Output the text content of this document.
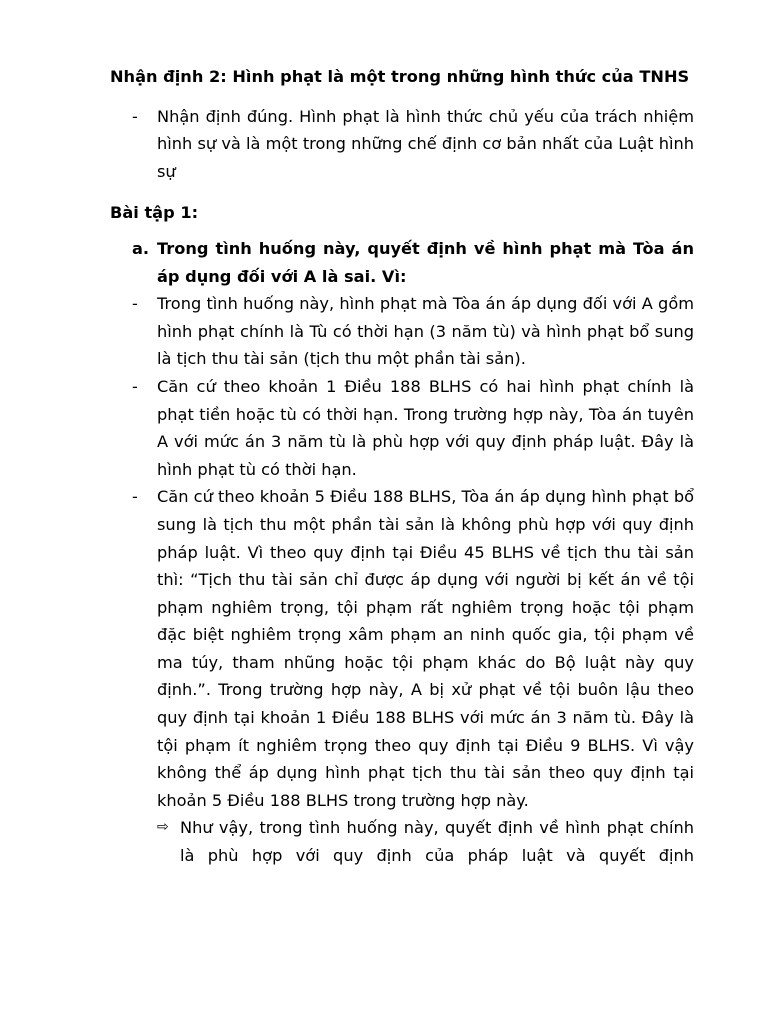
Nhận định 2: Hình phạt là một trong những hình thức của TNHS

- Nhận định đúng. Hình phạt là hình thức chủ yếu của trách nhiệm hình sự và là một trong những chế định cơ bản nhất của Luật hình sự

Bài tập 1:

a. Trong tình huống này, quyết định về hình phạt mà Tòa án áp dụng đối với A là sai. Vì:
- Trong tình huống này, hình phạt mà Tòa án áp dụng đối với A gồm hình phạt chính là Tù có thời hạn (3 năm tù) và hình phạt bổ sung là tịch thu tài sản (tịch thu một phần tài sản).
- Căn cứ theo khoản 1 Điều 188 BLHS có hai hình phạt chính là phạt tiền hoặc tù có thời hạn. Trong trường hợp này, Tòa án tuyên A với mức án 3 năm tù là phù hợp với quy định pháp luật. Đây là hình phạt tù có thời hạn.
- Căn cứ theo khoản 5 Điều 188 BLHS, Tòa án áp dụng hình phạt bổ sung là tịch thu một phần tài sản là không phù hợp với quy định pháp luật. Vì theo quy định tại Điều 45 BLHS về tịch thu tài sản thì: “Tịch thu tài sản chỉ được áp dụng với người bị kết án về tội phạm nghiêm trọng, tội phạm rất nghiêm trọng hoặc tội phạm đặc biệt nghiêm trọng xâm phạm an ninh quốc gia, tội phạm về ma túy, tham nhũng hoặc tội phạm khác do Bộ luật này quy định.”. Trong trường hợp này, A bị xử phạt về tội buôn lậu theo quy định tại khoản 1 Điều 188 BLHS với mức án 3 năm tù. Đây là tội phạm ít nghiêm trọng theo quy định tại Điều 9 BLHS. Vì vậy không thể áp dụng hình phạt tịch thu tài sản theo quy định tại khoản 5 Điều 188 BLHS trong trường hợp này.
⇨ Như vậy, trong tình huống này, quyết định về hình phạt chính là phù hợp với quy định của pháp luật và quyết định
